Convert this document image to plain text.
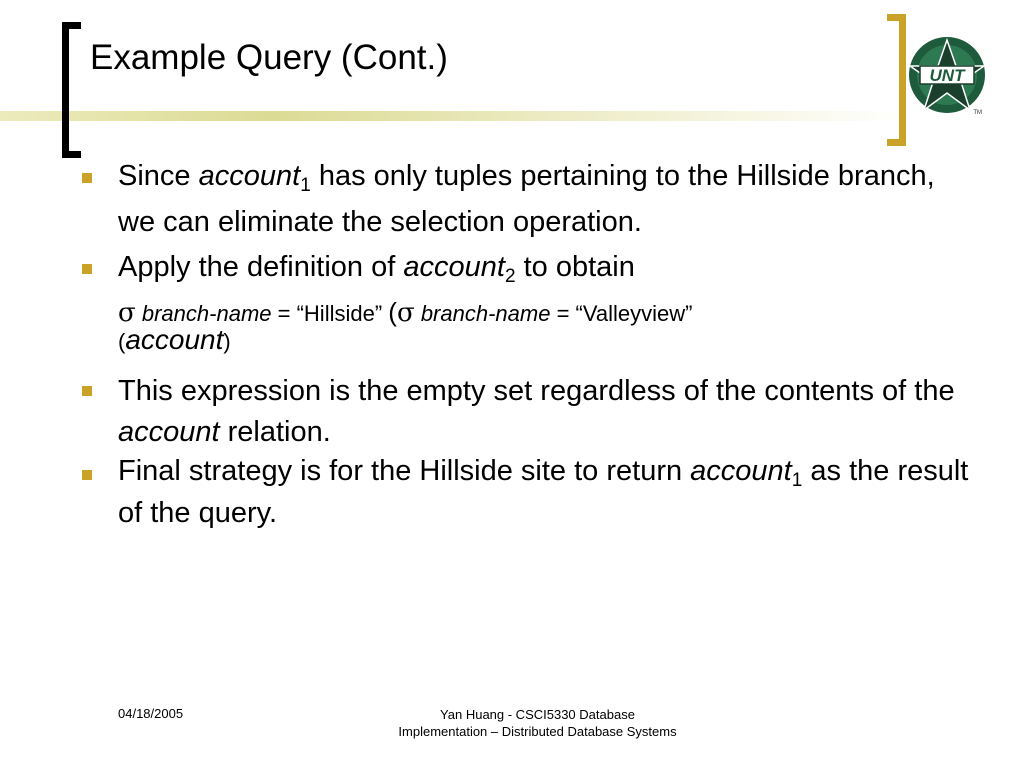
Example Query (Cont.)	UNT
TM
Since account$_1$ has only tuples pertaining to the Hillside branch, we can eliminate the selection operation.
Apply the definition of account$_2$ to obtain
σ branch-name = “Hillside” (σ branch-name = “Valleyview”
(account)
This expression is the empty set regardless of the contents of the account relation.
Final strategy is for the Hillside site to return account$_1$ as the result of the query.
04/18/2005	Yan Huang - CSCI5330 Database
Implementation – Distributed Database Systems
